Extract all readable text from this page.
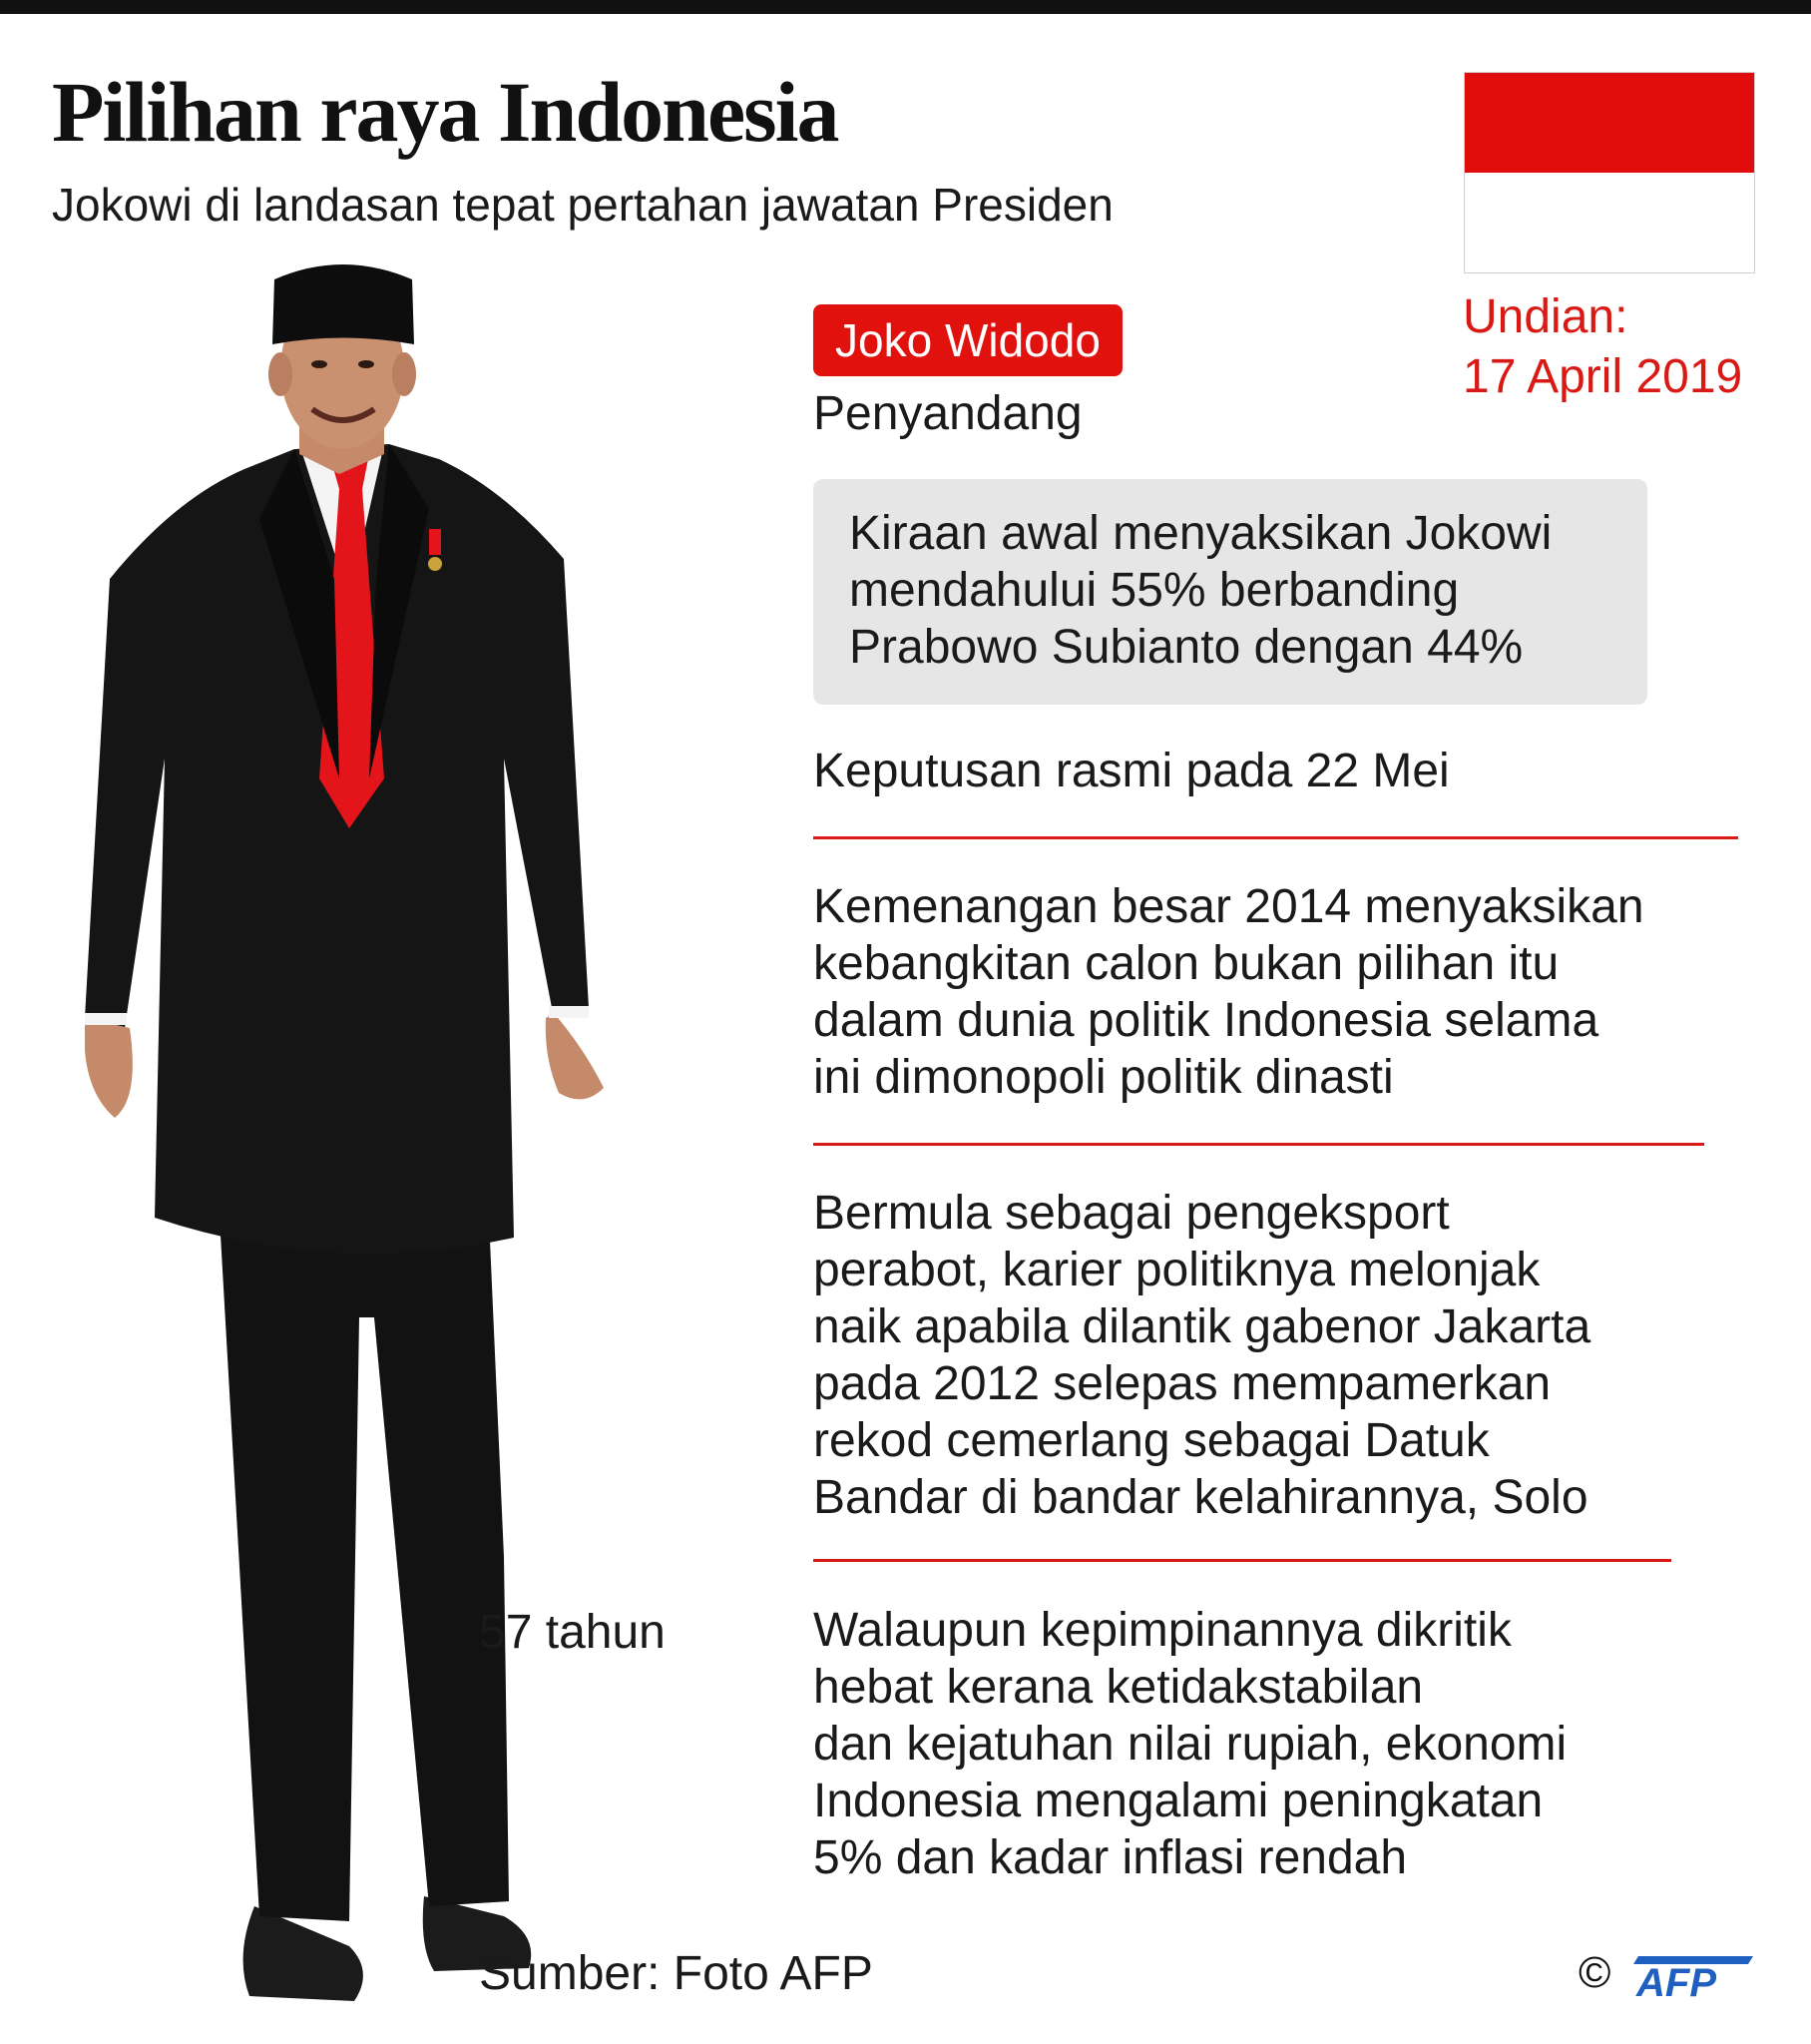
Pilihan raya Indonesia
Jokowi di landasan tepat pertahan jawatan Presiden
Undian:
17 April 2019
Joko Widodo
Penyandang
Kiraan awal menyaksikan Jokowi
mendahului 55% berbanding
Prabowo Subianto dengan 44%
Keputusan rasmi pada 22 Mei
Kemenangan besar 2014 menyaksikan
kebangkitan calon bukan pilihan itu
dalam dunia politik Indonesia selama
ini dimonopoli politik dinasti
Bermula sebagai pengeksport
perabot, karier politiknya melonjak
naik apabila dilantik gabenor Jakarta
pada 2012 selepas mempamerkan
rekod cemerlang sebagai Datuk
Bandar di bandar kelahirannya, Solo
Walaupun kepimpinannya dikritik
hebat kerana ketidakstabilan
dan kejatuhan nilai rupiah, ekonomi
Indonesia mengalami peningkatan
5% dan kadar inflasi rendah
57 tahun
Sumber: Foto AFP	© AFP
